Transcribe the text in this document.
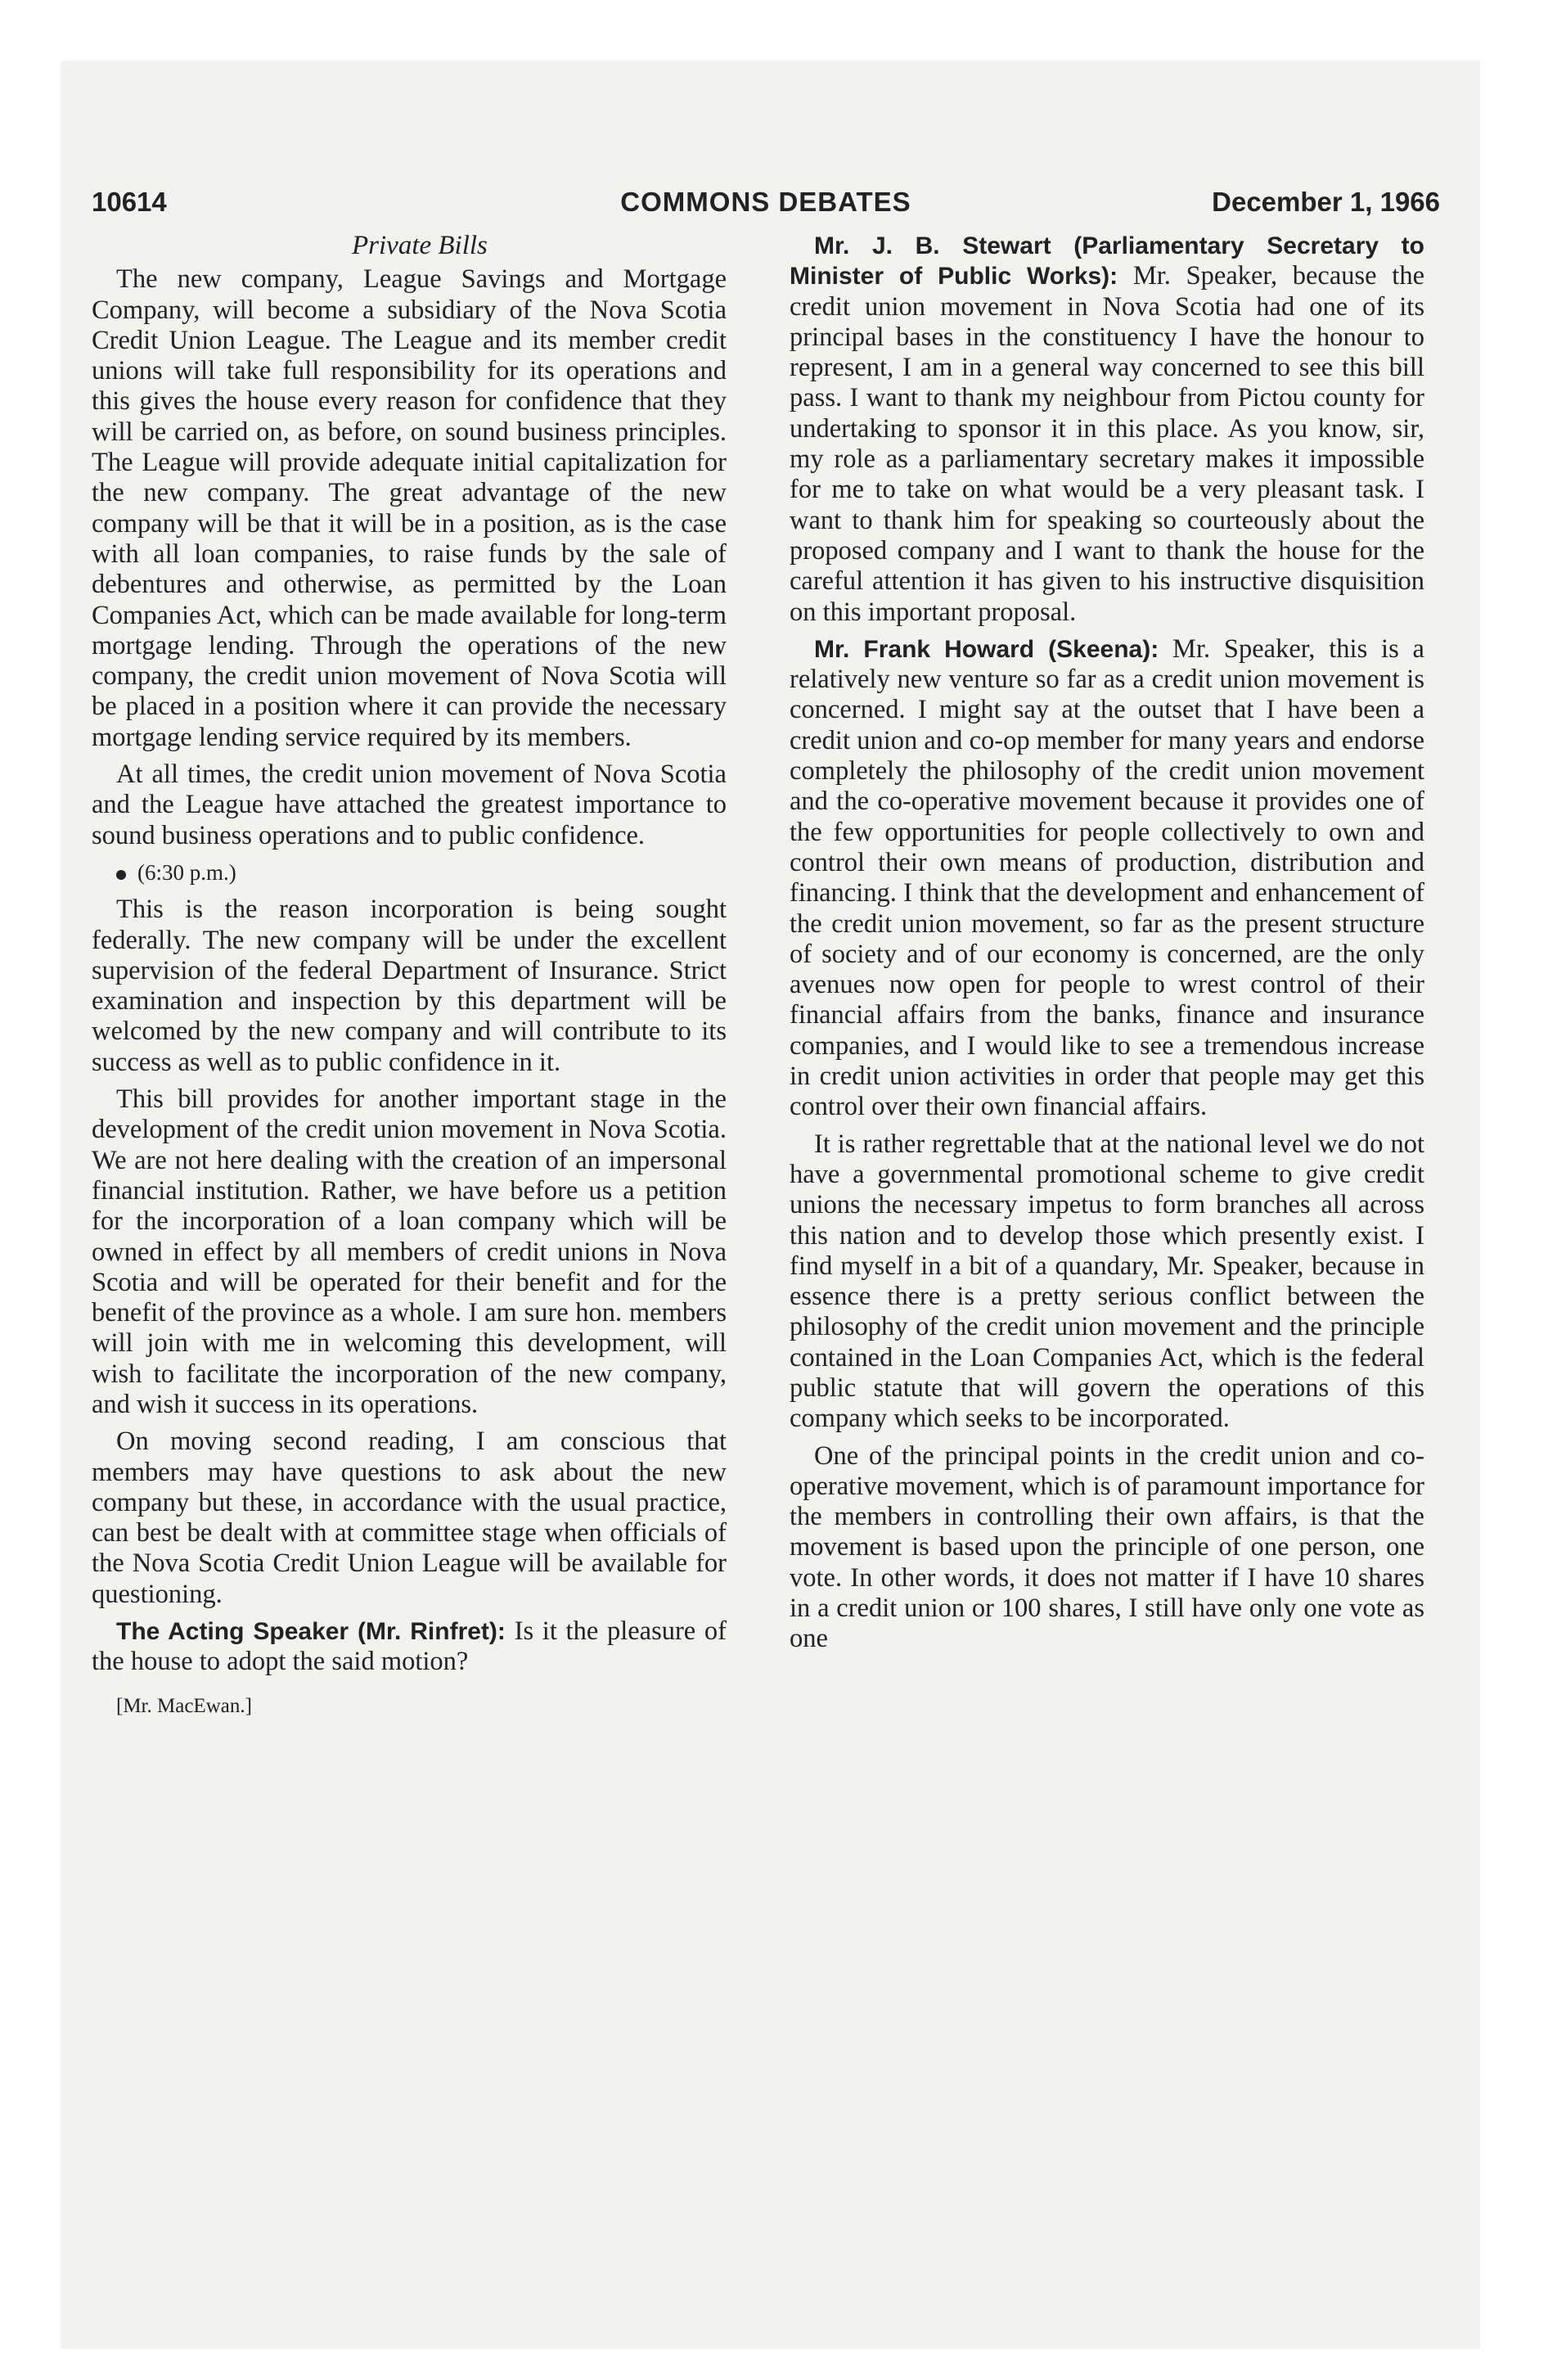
10614	COMMONS DEBATES	December 1, 1966
Private Bills

The new company, League Savings and Mortgage Company, will become a subsidiary of the Nova Scotia Credit Union League. The League and its member credit unions will take full responsibility for its operations and this gives the house every reason for confidence that they will be carried on, as before, on sound business principles. The League will provide adequate initial capitalization for the new company. The great advantage of the new company will be that it will be in a position, as is the case with all loan companies, to raise funds by the sale of debentures and otherwise, as permitted by the Loan Companies Act, which can be made available for long-term mortgage lending. Through the operations of the new company, the credit union movement of Nova Scotia will be placed in a position where it can provide the necessary mortgage lending service required by its members.

At all times, the credit union movement of Nova Scotia and the League have attached the greatest importance to sound business operations and to public confidence.

(6:30 p.m.)

This is the reason incorporation is being sought federally. The new company will be under the excellent supervision of the federal Department of Insurance. Strict examination and inspection by this department will be welcomed by the new company and will contribute to its success as well as to public confidence in it.

This bill provides for another important stage in the development of the credit union movement in Nova Scotia. We are not here dealing with the creation of an impersonal financial institution. Rather, we have before us a petition for the incorporation of a loan company which will be owned in effect by all members of credit unions in Nova Scotia and will be operated for their benefit and for the benefit of the province as a whole. I am sure hon. members will join with me in welcoming this development, will wish to facilitate the incorporation of the new company, and wish it success in its operations.

On moving second reading, I am conscious that members may have questions to ask about the new company but these, in accordance with the usual practice, can best be dealt with at committee stage when officials of the Nova Scotia Credit Union League will be available for questioning.

The Acting Speaker (Mr. Rinfret): Is it the pleasure of the house to adopt the said motion?

[Mr. MacEwan.]

Mr. J. B. Stewart (Parliamentary Secretary to Minister of Public Works): Mr. Speaker, because the credit union movement in Nova Scotia had one of its principal bases in the constituency I have the honour to represent, I am in a general way concerned to see this bill pass. I want to thank my neighbour from Pictou county for undertaking to sponsor it in this place. As you know, sir, my role as a parliamentary secretary makes it impossible for me to take on what would be a very pleasant task. I want to thank him for speaking so courteously about the proposed company and I want to thank the house for the careful attention it has given to his instructive disquisition on this important proposal.

Mr. Frank Howard (Skeena): Mr. Speaker, this is a relatively new venture so far as a credit union movement is concerned. I might say at the outset that I have been a credit union and co-op member for many years and endorse completely the philosophy of the credit union movement and the co-operative movement because it provides one of the few opportunities for people collectively to own and control their own means of production, distribution and financing. I think that the development and enhancement of the credit union movement, so far as the present structure of society and of our economy is concerned, are the only avenues now open for people to wrest control of their financial affairs from the banks, finance and insurance companies, and I would like to see a tremendous increase in credit union activities in order that people may get this control over their own financial affairs.

It is rather regrettable that at the national level we do not have a governmental promotional scheme to give credit unions the necessary impetus to form branches all across this nation and to develop those which presently exist. I find myself in a bit of a quandary, Mr. Speaker, because in essence there is a pretty serious conflict between the philosophy of the credit union movement and the principle contained in the Loan Companies Act, which is the federal public statute that will govern the operations of this company which seeks to be incorporated.

One of the principal points in the credit union and co-operative movement, which is of paramount importance for the members in controlling their own affairs, is that the movement is based upon the principle of one person, one vote. In other words, it does not matter if I have 10 shares in a credit union or 100 shares, I still have only one vote as one
